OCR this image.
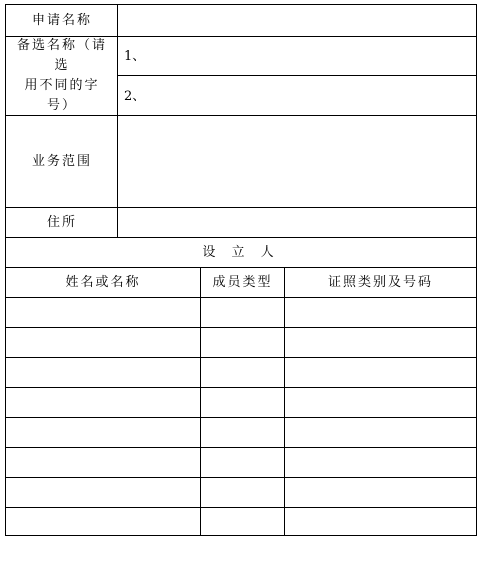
申请名称
备选名称（请选
用不同的字号）
1、
2、
业务范围
住所
设 立 人
姓名或名称	成员类型	证照类别及号码
